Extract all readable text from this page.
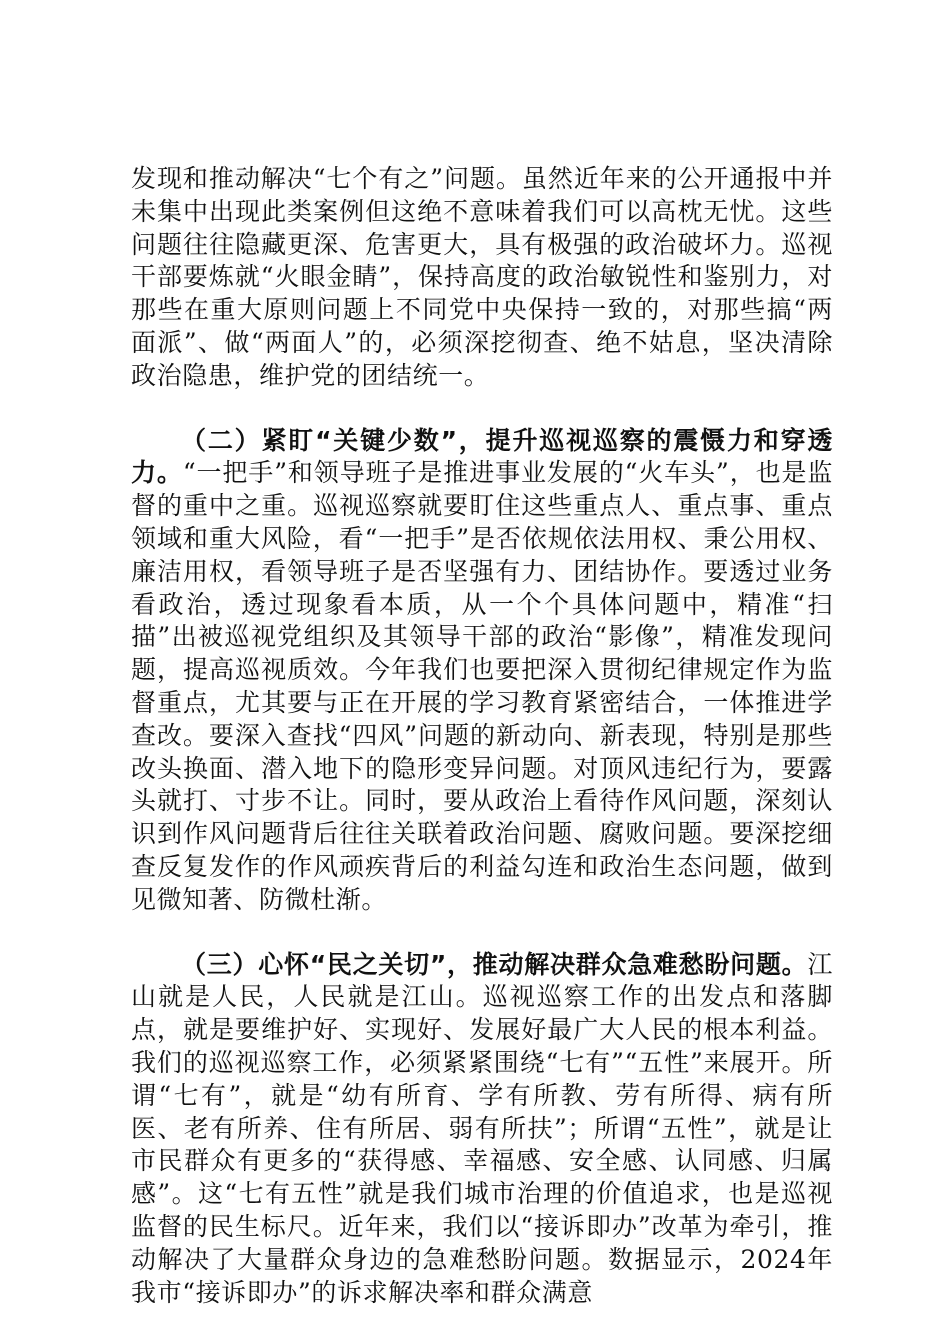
发现和推动解决“七个有之”问题。虽然近年来的公开通报中并未集中出现此类案例但这绝不意味着我们可以高枕无忧。这些问题往往隐藏更深、危害更大，具有极强的政治破坏力。巡视干部要炼就“火眼金睛”，保持高度的政治敏锐性和鉴别力，对那些在重大原则问题上不同党中央保持一致的，对那些搞“两面派”、做“两面人”的，必须深挖彻查、绝不姑息，坚决清除政治隐患，维护党的团结统一。

（二）紧盯“关键少数”，提升巡视巡察的震慑力和穿透力。“一把手”和领导班子是推进事业发展的“火车头”，也是监督的重中之重。巡视巡察就要盯住这些重点人、重点事、重点领域和重大风险，看“一把手”是否依规依法用权、秉公用权、廉洁用权，看领导班子是否坚强有力、团结协作。要透过业务看政治，透过现象看本质，从一个个具体问题中，精准“扫描”出被巡视党组织及其领导干部的政治“影像”，精准发现问题，提高巡视质效。今年我们也要把深入贯彻纪律规定作为监督重点，尤其要与正在开展的学习教育紧密结合，一体推进学查改。要深入查找“四风”问题的新动向、新表现，特别是那些改头换面、潜入地下的隐形变异问题。对顶风违纪行为，要露头就打、寸步不让。同时，要从政治上看待作风问题，深刻认识到作风问题背后往往关联着政治问题、腐败问题。要深挖细查反复发作的作风顽疾背后的利益勾连和政治生态问题，做到见微知著、防微杜渐。

（三）心怀“民之关切”，推动解决群众急难愁盼问题。江山就是人民，人民就是江山。巡视巡察工作的出发点和落脚点，就是要维护好、实现好、发展好最广大人民的根本利益。我们的巡视巡察工作，必须紧紧围绕“七有”“五性”来展开。所谓“七有”，就是“幼有所育、学有所教、劳有所得、病有所医、老有所养、住有所居、弱有所扶”；所谓“五性”，就是让市民群众有更多的“获得感、幸福感、安全感、认同感、归属感”。这“七有五性”就是我们城市治理的价值追求，也是巡视监督的民生标尺。近年来，我们以“接诉即办”改革为牵引，推动解决了大量群众身边的急难愁盼问题。数据显示，2024年我市“接诉即办”的诉求解决率和群众满意
